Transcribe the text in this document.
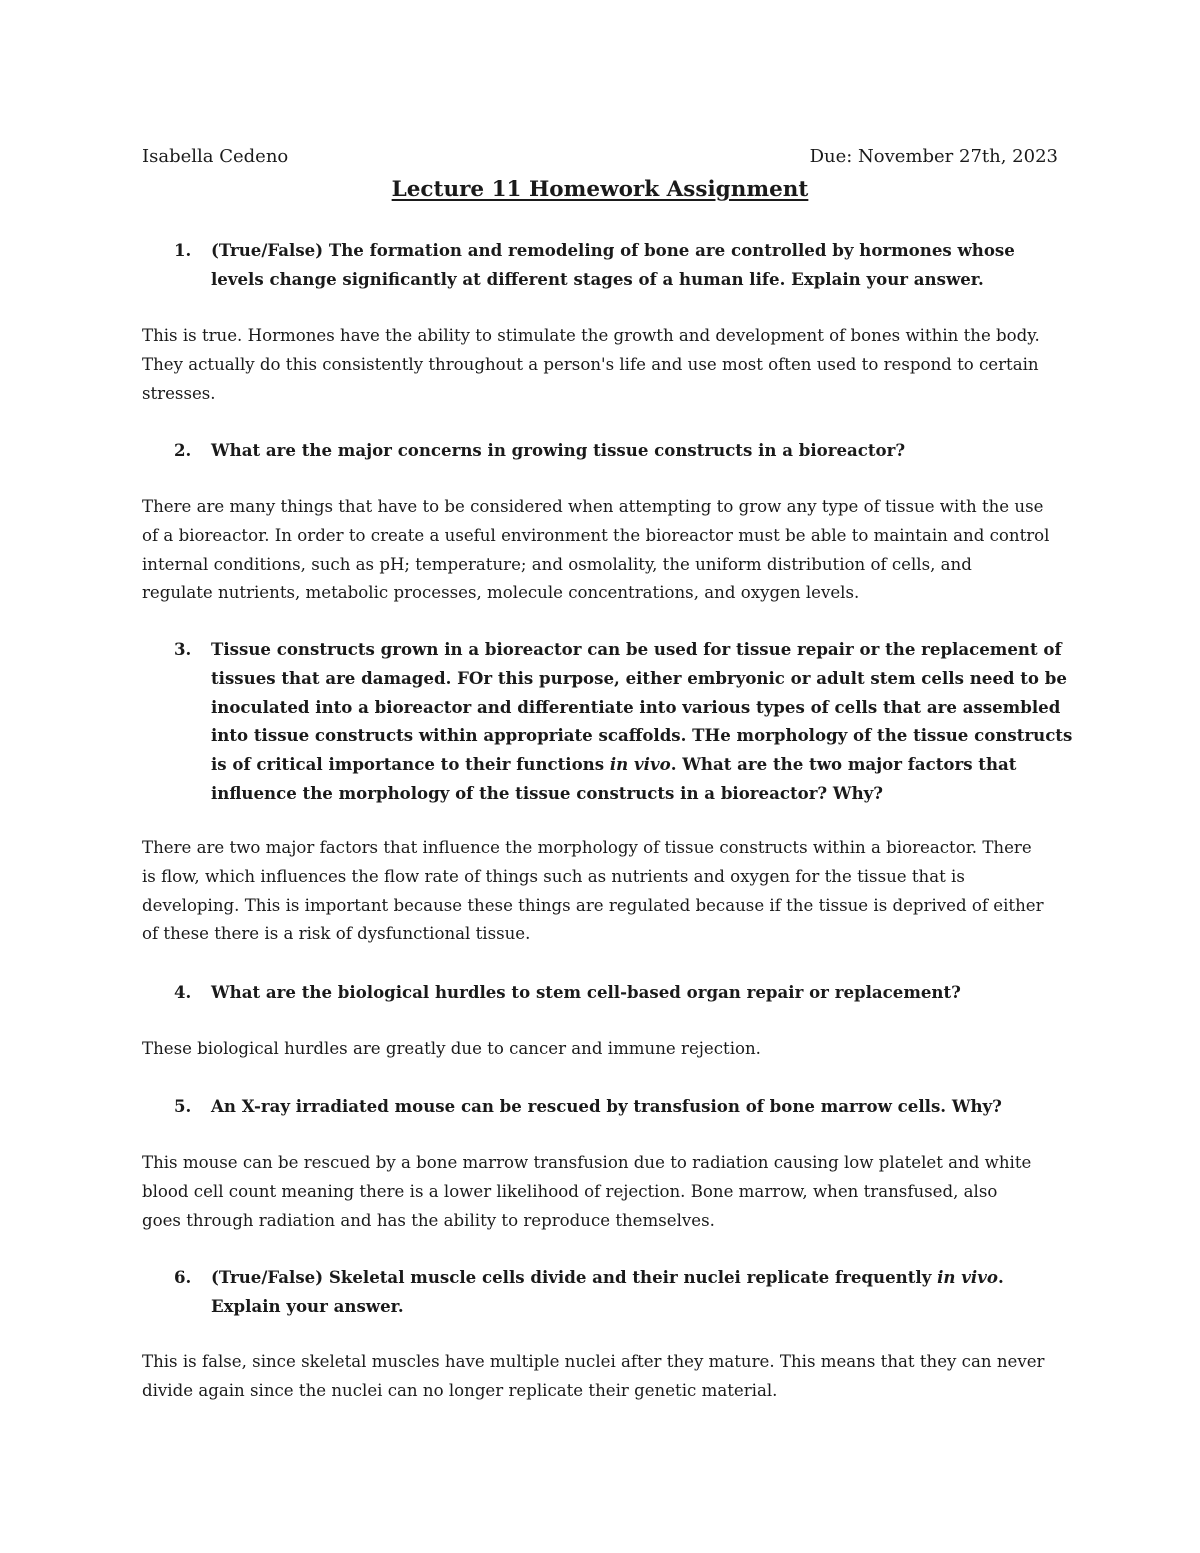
Isabella Cedeno	Due: November 27th, 2023
Lecture 11 Homework Assignment
1. (True/False) The formation and remodeling of bone are controlled by hormones whose
levels change significantly at different stages of a human life. Explain your answer.
This is true. Hormones have the ability to stimulate the growth and development of bones within the body.
They actually do this consistently throughout a person's life and use most often used to respond to certain
stresses.
2. What are the major concerns in growing tissue constructs in a bioreactor?
There are many things that have to be considered when attempting to grow any type of tissue with the use
of a bioreactor. In order to create a useful environment the bioreactor must be able to maintain and control
internal conditions, such as pH; temperature; and osmolality, the uniform distribution of cells, and
regulate nutrients, metabolic processes, molecule concentrations, and oxygen levels.
3. Tissue constructs grown in a bioreactor can be used for tissue repair or the replacement of
tissues that are damaged. FOr this purpose, either embryonic or adult stem cells need to be
inoculated into a bioreactor and differentiate into various types of cells that are assembled
into tissue constructs within appropriate scaffolds. THe morphology of the tissue constructs
is of critical importance to their functions in vivo. What are the two major factors that
influence the morphology of the tissue constructs in a bioreactor? Why?
There are two major factors that influence the morphology of tissue constructs within a bioreactor. There
is flow, which influences the flow rate of things such as nutrients and oxygen for the tissue that is
developing. This is important because these things are regulated because if the tissue is deprived of either
of these there is a risk of dysfunctional tissue.
4. What are the biological hurdles to stem cell-based organ repair or replacement?
These biological hurdles are greatly due to cancer and immune rejection.
5. An X-ray irradiated mouse can be rescued by transfusion of bone marrow cells. Why?
This mouse can be rescued by a bone marrow transfusion due to radiation causing low platelet and white
blood cell count meaning there is a lower likelihood of rejection. Bone marrow, when transfused, also
goes through radiation and has the ability to reproduce themselves.
6. (True/False) Skeletal muscle cells divide and their nuclei replicate frequently in vivo.
Explain your answer.
This is false, since skeletal muscles have multiple nuclei after they mature. This means that they can never
divide again since the nuclei can no longer replicate their genetic material.
